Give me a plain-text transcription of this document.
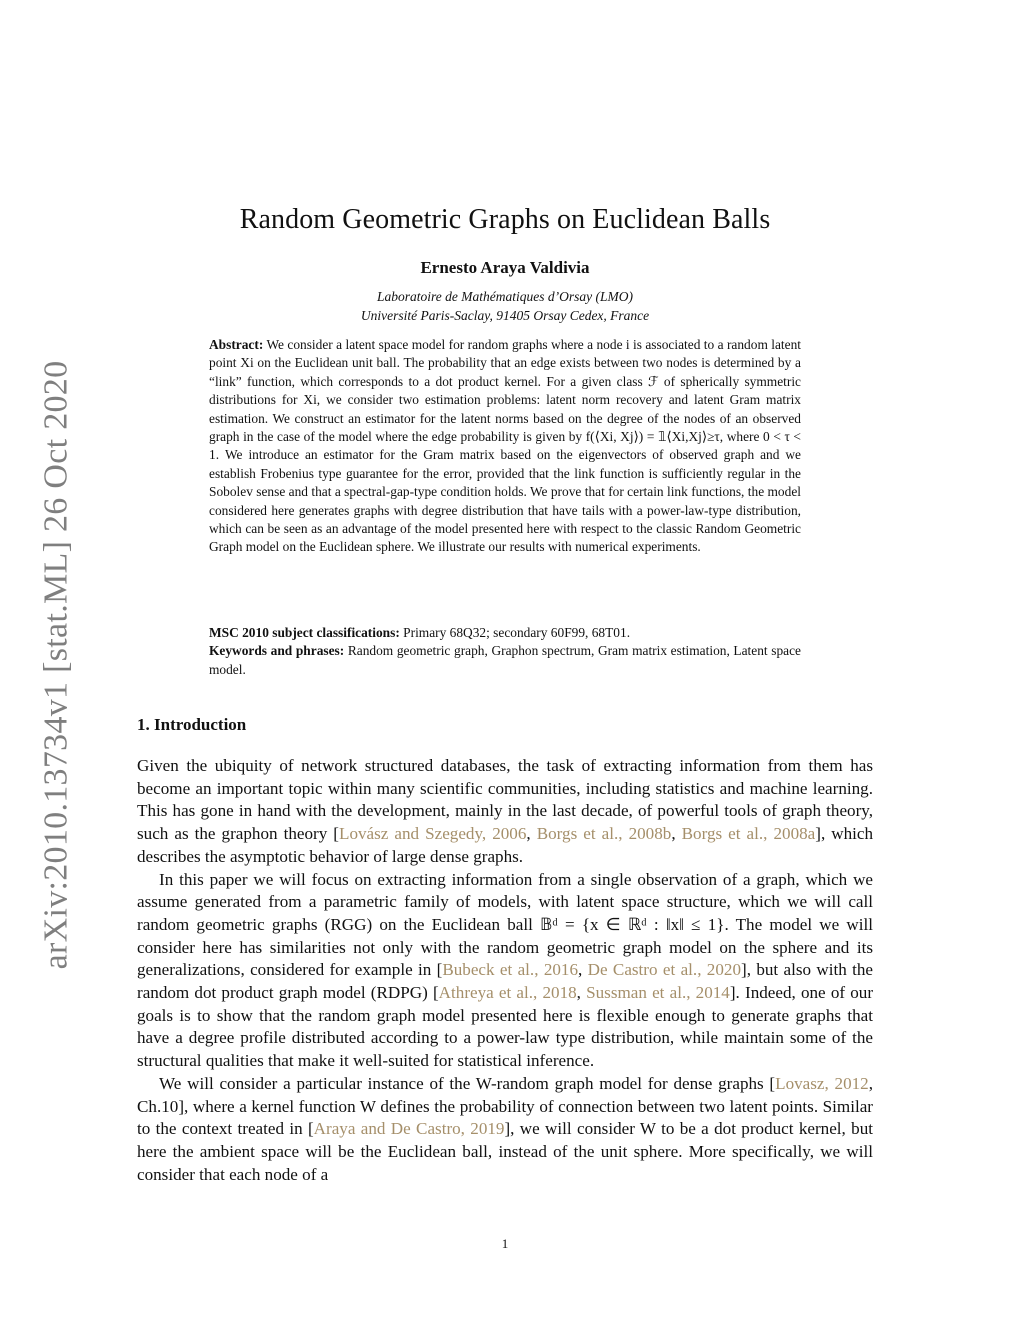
arXiv:2010.13734v1 [stat.ML] 26 Oct 2020
Random Geometric Graphs on Euclidean Balls
Ernesto Araya Valdivia
Laboratoire de Mathématiques d’Orsay (LMO)
Université Paris-Saclay, 91405 Orsay Cedex, France

Abstract: We consider a latent space model for random graphs where a node i is associated to a random latent point Xi on the Euclidean unit ball. The probability that an edge exists between two nodes is determined by a “link” function, which corresponds to a dot product kernel. For a given class ℱ of spherically symmetric distributions for Xi, we consider two estimation problems: latent norm recovery and latent Gram matrix estimation. We construct an estimator for the latent norms based on the degree of the nodes of an observed graph in the case of the model where the edge probability is given by f(⟨Xi, Xj⟩) = 𝟙⟨Xi,Xj⟩≥τ, where 0 < τ < 1. We introduce an estimator for the Gram matrix based on the eigenvectors of observed graph and we establish Frobenius type guarantee for the error, provided that the link function is sufficiently regular in the Sobolev sense and that a spectral-gap-type condition holds. We prove that for certain link functions, the model considered here generates graphs with degree distribution that have tails with a power-law-type distribution, which can be seen as an advantage of the model presented here with respect to the classic Random Geometric Graph model on the Euclidean sphere. We illustrate our results with numerical experiments.

MSC 2010 subject classifications: Primary 68Q32; secondary 60F99, 68T01.

Keywords and phrases: Random geometric graph, Graphon spectrum, Gram matrix estimation, Latent space model.

1. Introduction

Given the ubiquity of network structured databases, the task of extracting information from them has become an important topic within many scientific communities, including statistics and machine learning. This has gone in hand with the development, mainly in the last decade, of powerful tools of graph theory, such as the graphon theory [Lovász and Szegedy, 2006, Borgs et al., 2008b, Borgs et al., 2008a], which describes the asymptotic behavior of large dense graphs.

In this paper we will focus on extracting information from a single observation of a graph, which we assume generated from a parametric family of models, with latent space structure, which we will call random geometric graphs (RGG) on the Euclidean ball 𝔹ᵈ = {x ∈ ℝᵈ : ‖x‖ ≤ 1}. The model we will consider here has similarities not only with the random geometric graph model on the sphere and its generalizations, considered for example in [Bubeck et al., 2016, De Castro et al., 2020], but also with the random dot product graph model (RDPG) [Athreya et al., 2018, Sussman et al., 2014]. Indeed, one of our goals is to show that the random graph model presented here is flexible enough to generate graphs that have a degree profile distributed according to a power-law type distribution, while maintain some of the structural qualities that make it well-suited for statistical inference.

We will consider a particular instance of the W-random graph model for dense graphs [Lovasz, 2012, Ch.10], where a kernel function W defines the probability of connection between two latent points. Similar to the context treated in [Araya and De Castro, 2019], we will consider W to be a dot product kernel, but here the ambient space will be the Euclidean ball, instead of the unit sphere. More specifically, we will consider that each node of a

1
